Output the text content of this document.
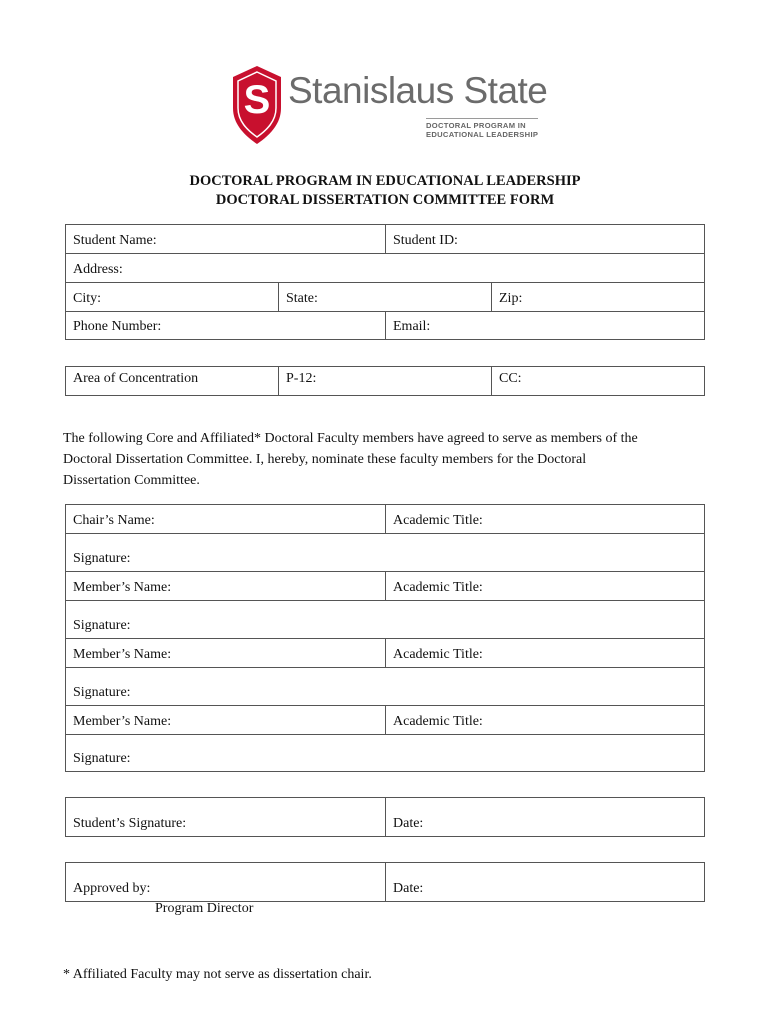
S Stanislaus State
DOCTORAL PROGRAM IN
EDUCATIONAL LEADERSHIP
DOCTORAL PROGRAM IN EDUCATIONAL LEADERSHIP
DOCTORAL DISSERTATION COMMITTEE FORM
Student Name:	Student ID:
Address:
City:	State:	Zip:
Phone Number:	Email:
Area of Concentration	P-12:	CC:
The following Core and Affiliated* Doctoral Faculty members have agreed to serve as members of the
Doctoral Dissertation Committee. I, hereby, nominate these faculty members for the Doctoral
Dissertation Committee.
Chair’s Name:	Academic Title:
Signature:
Member’s Name:	Academic Title:
Signature:
Member’s Name:	Academic Title:
Signature:
Member’s Name:	Academic Title:
Signature:
Student’s Signature:	Date:
Approved by:	Date:
Program Director
* Affiliated Faculty may not serve as dissertation chair.
